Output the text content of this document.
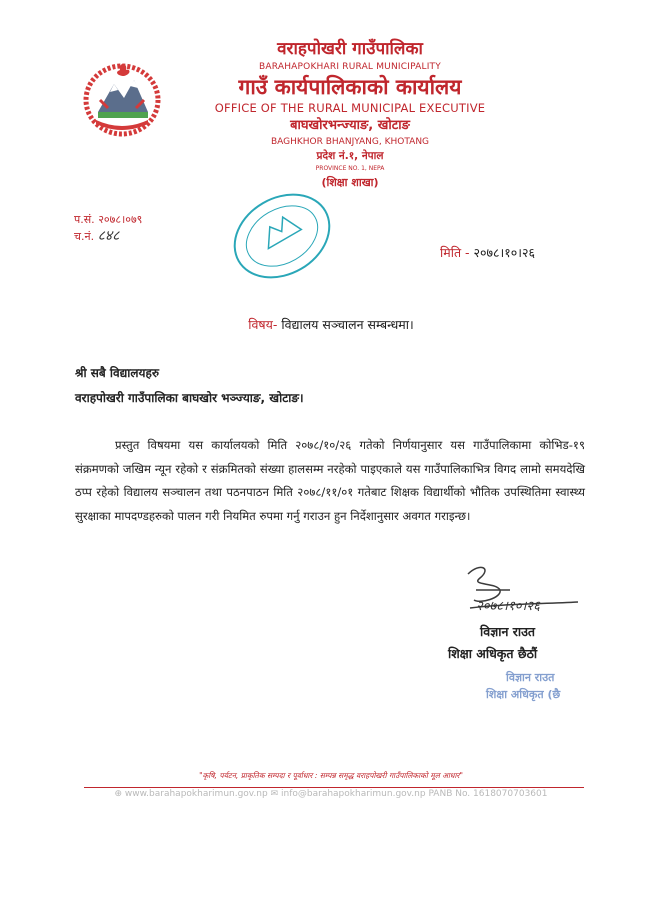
वराहपोखरी गाउँपालिका
BARAHAPOKHARI RURAL MUNICIPALITY
गाउँ कार्यपालिकाको कार्यालय
OFFICE OF THE RURAL MUNICIPAL EXECUTIVE
बाघखोरभन्ज्याङ, खोटाङ
BAGHKHOR BHANJYANG, KHOTANG
प्रदेश नं.१, नेपाल
PROVINCE NO. 1, NEPA
(शिक्षा शाखा)
प.सं. २०७८।०७९
च.नं. ८४८
मिति - २०७८।१०।२६
विषय- विद्यालय सञ्चालन सम्बन्धमा।
श्री सबै विद्यालयहरु
वराहपोखरी गाउँपालिका बाघखोर भञ्ज्याङ, खोटाङ।

प्रस्तुत विषयमा यस कार्यालयको मिति २०७८/१०/२६ गतेको निर्णयानुसार यस गाउँपालिकामा कोभिड-१९ संक्रमणको जखिम न्यून रहेको र संक्रमितको संख्या हालसम्म नरहेको पाइएकाले यस गाउँपालिकाभित्र विगद लामो समयदेखि ठप्प रहेको विद्यालय सञ्चालन तथा पठनपाठन मिति २०७८/११/०१ गतेबाट शिक्षक विद्यार्थीको भौतिक उपस्थितिमा स्वास्थ्य सुरक्षाका मापदण्डहरुको पालन गरी नियमित रुपमा गर्नु गराउन हुन निर्देशानुसार अवगत गराइन्छ।

२०७८।१०।२६
विज्ञान राउत
शिक्षा अधिकृत छैठौं
विज्ञान राउत
शिक्षा अधिकृत (छै
"कृषि, पर्यटन, प्राकृतिक सम्पदा र पूर्वाधार : सम्पन्न समृद्ध वराहपोखरी गाउँपालिकाको मूल आधार"
⊕ www.barahapokharimun.gov.np ✉ info@barahapokharimun.gov.np PANB No. 1618070703601
